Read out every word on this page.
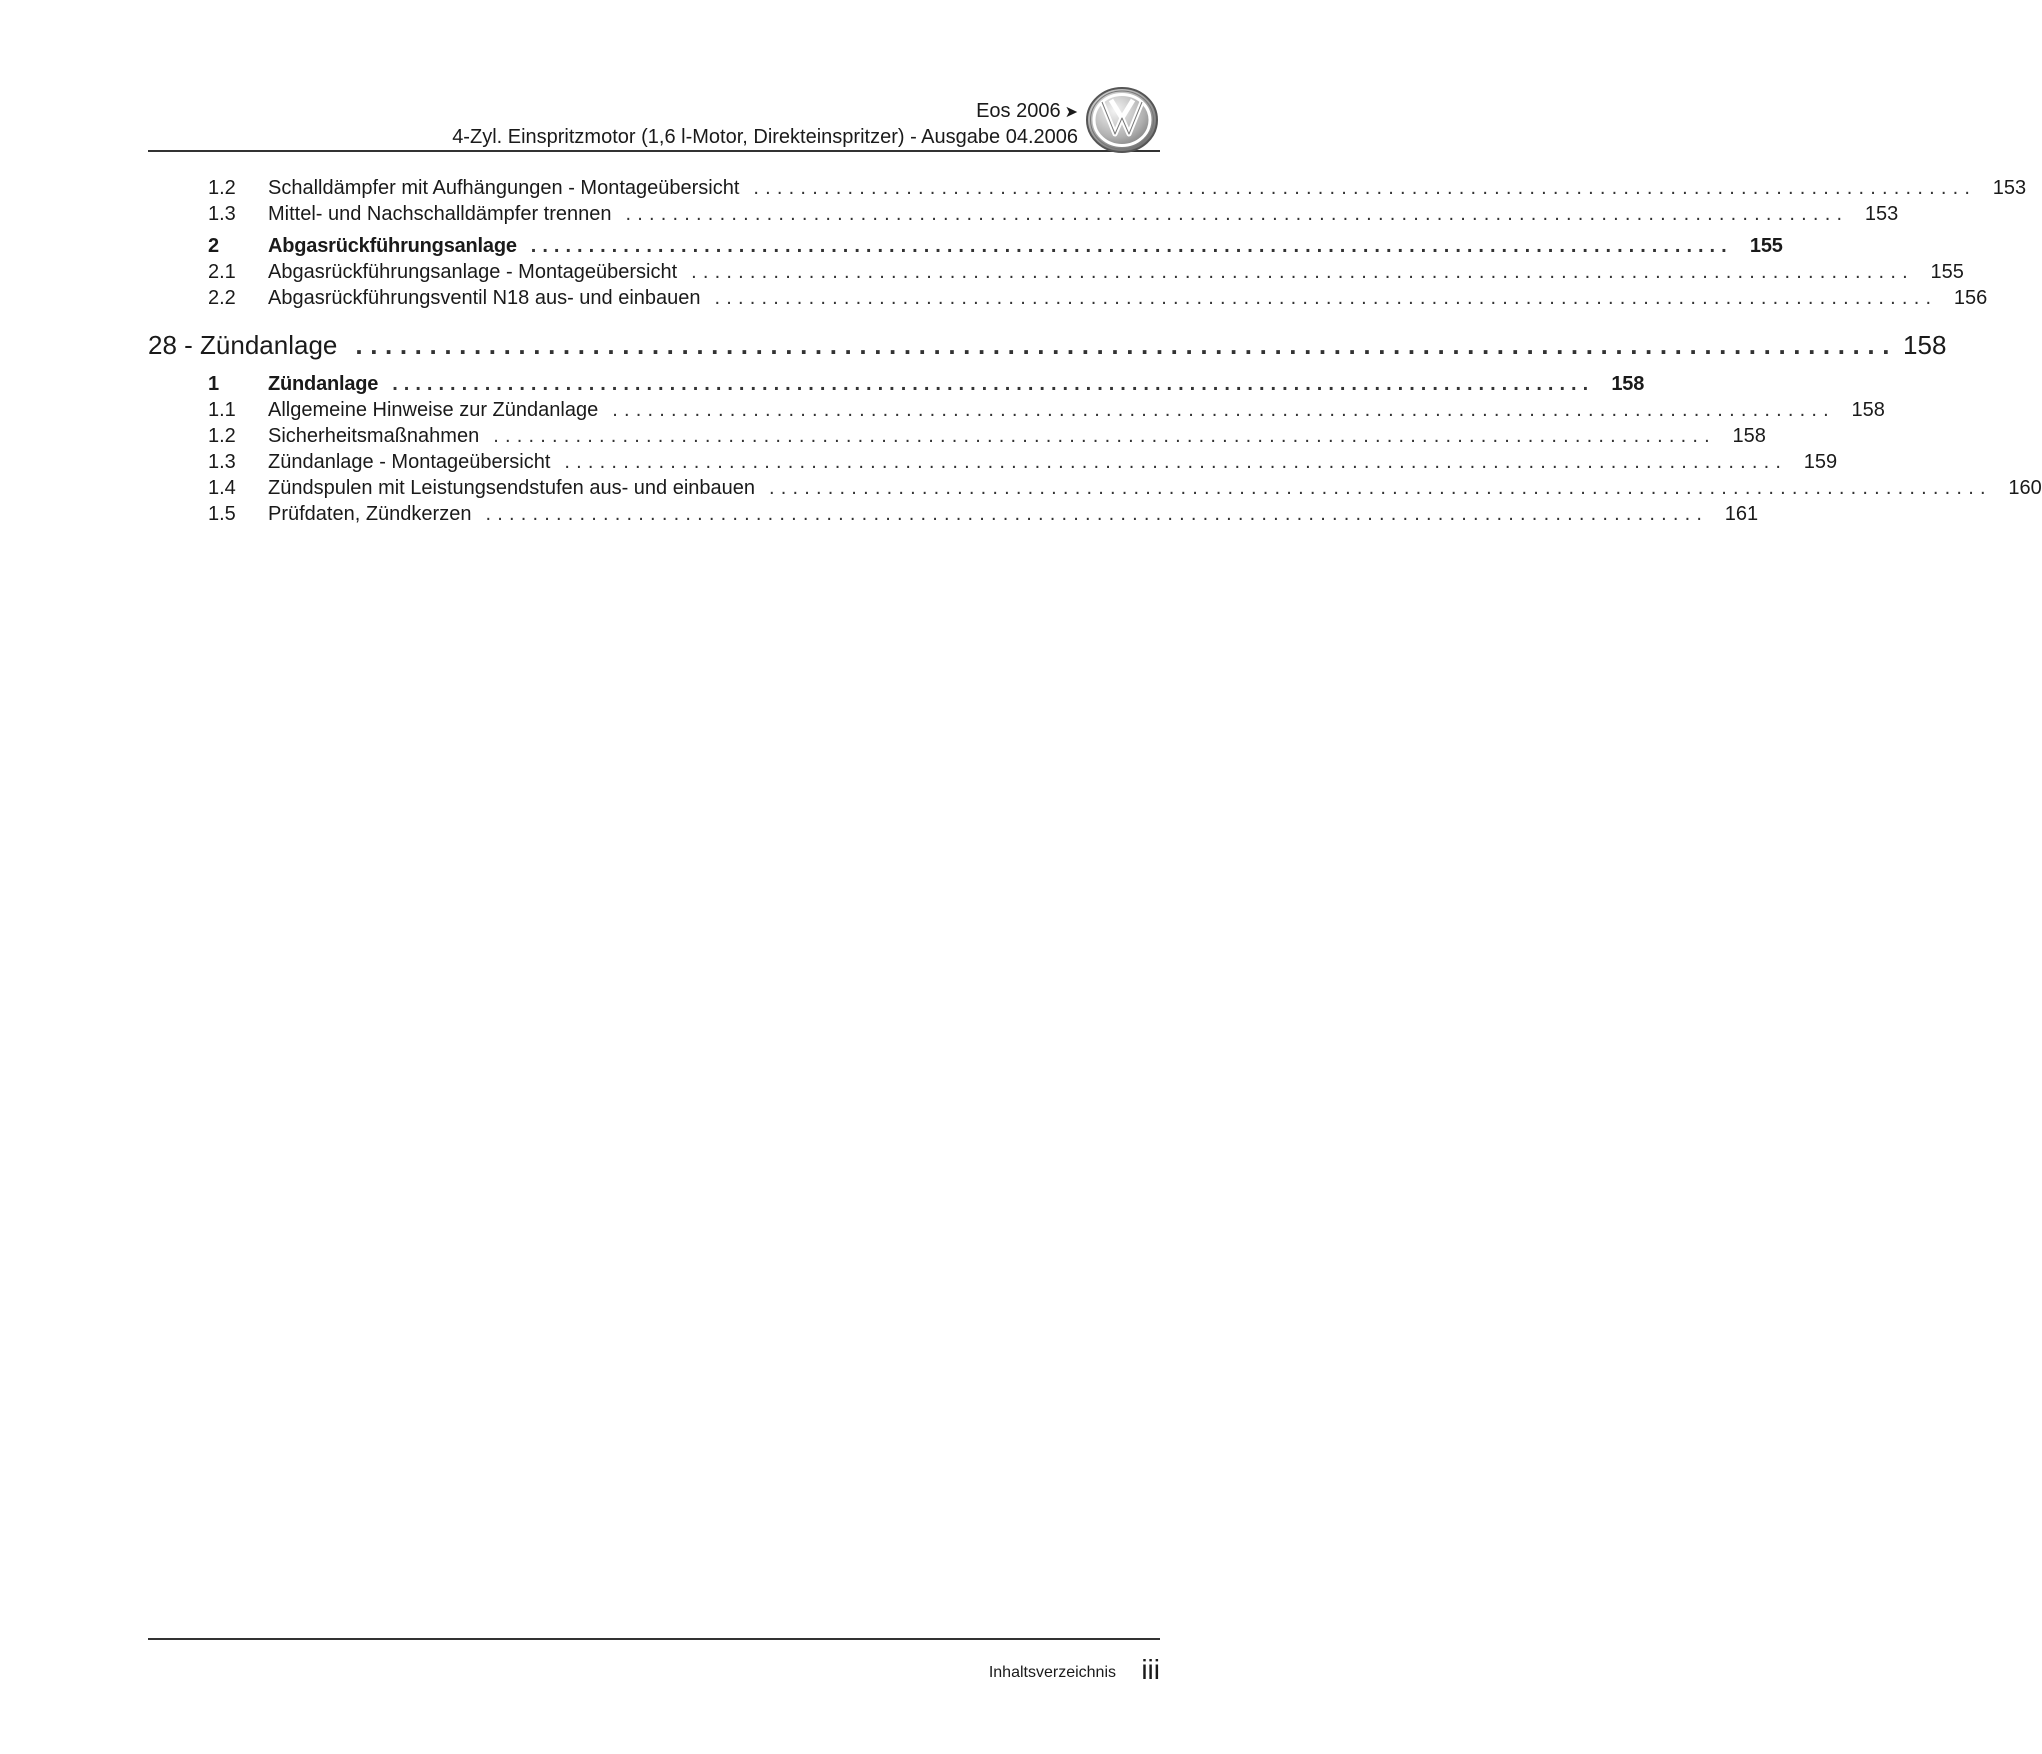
Eos 2006 ➤
4-Zyl. Einspritzmotor (1,6 l-Motor, Direkteinspritzer) - Ausgabe 04.2006
1.2	Schalldämpfer mit Aufhängungen - Montageübersicht ........................................................................................................ 153
1.3	Mittel- und Nachschalldämpfer trennen ........................................................................................................ 153
2	Abgasrückführungsanlage ........................................................................................................ 155
2.1	Abgasrückführungsanlage - Montageübersicht ........................................................................................................ 155
2.2	Abgasrückführungsventil N18 aus- und einbauen ........................................................................................................ 156
28 - Zündanlage ........................................................................................................ 158
1	Zündanlage ........................................................................................................ 158
1.1	Allgemeine Hinweise zur Zündanlage ........................................................................................................ 158
1.2	Sicherheitsmaßnahmen ........................................................................................................ 158
1.3	Zündanlage - Montageübersicht ........................................................................................................ 159
1.4	Zündspulen mit Leistungsendstufen aus- und einbauen ........................................................................................................ 160
1.5	Prüfdaten, Zündkerzen ........................................................................................................ 161
Inhaltsverzeichnis iii
